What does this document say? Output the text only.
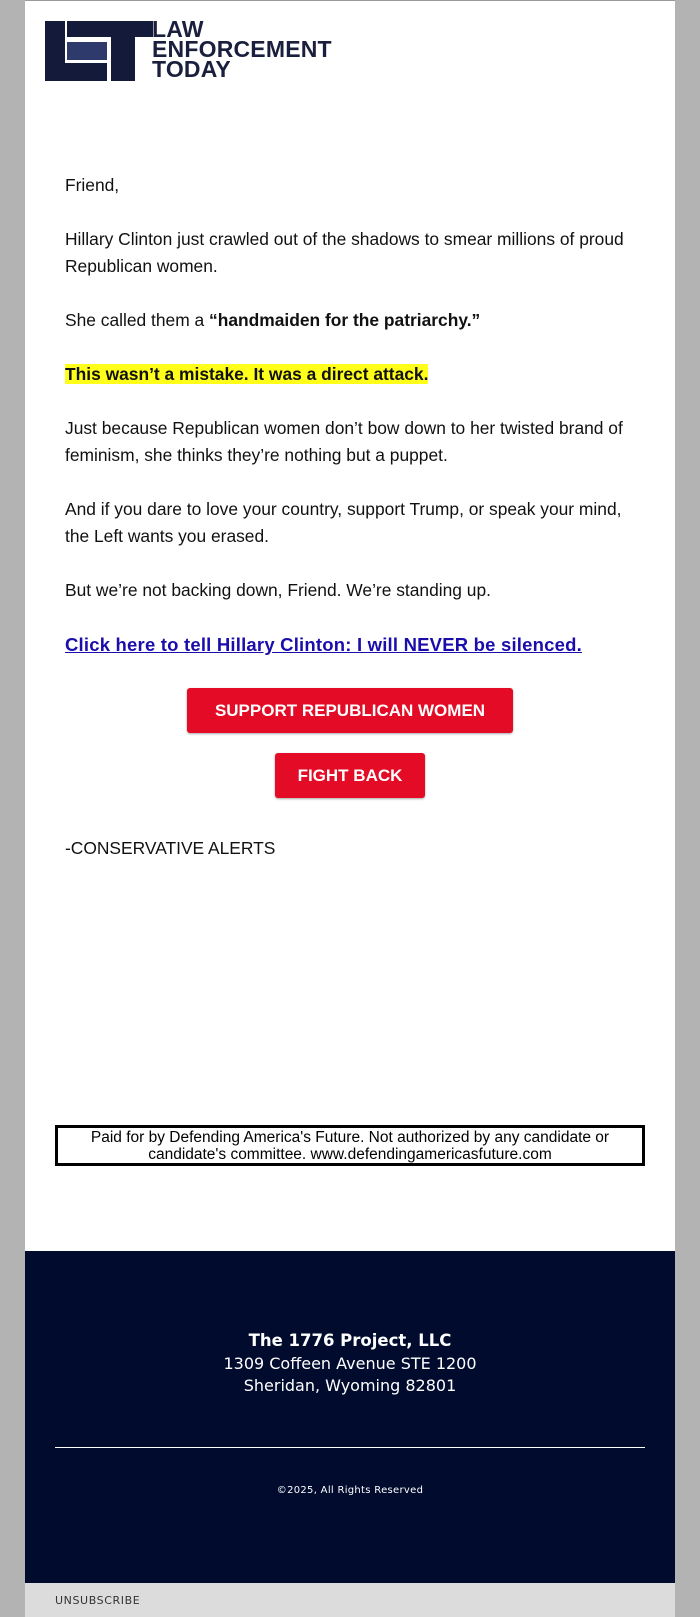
LAW
ENFORCEMENT
TODAY

Friend,

Hillary Clinton just crawled out of the shadows to smear millions of proud Republican women.

She called them a “handmaiden for the patriarchy.”

This wasn’t a mistake. It was a direct attack.

Just because Republican women don’t bow down to her twisted brand of feminism, she thinks they’re nothing but a puppet.

And if you dare to love your country, support Trump, or speak your mind, the Left wants you erased.

But we’re not backing down, Friend. We’re standing up.

Click here to tell Hillary Clinton: I will NEVER be silenced.

SUPPORT REPUBLICAN WOMEN
FIGHT BACK
-CONSERVATIVE ALERTS
Paid for by Defending America's Future. Not authorized by any candidate or
candidate's committee. www.defendingamericasfuture.com
The 1776 Project, LLC
1309 Coffeen Avenue STE 1200
Sheridan, Wyoming 82801
©2025, All Rights Reserved
UNSUBSCRIBE
